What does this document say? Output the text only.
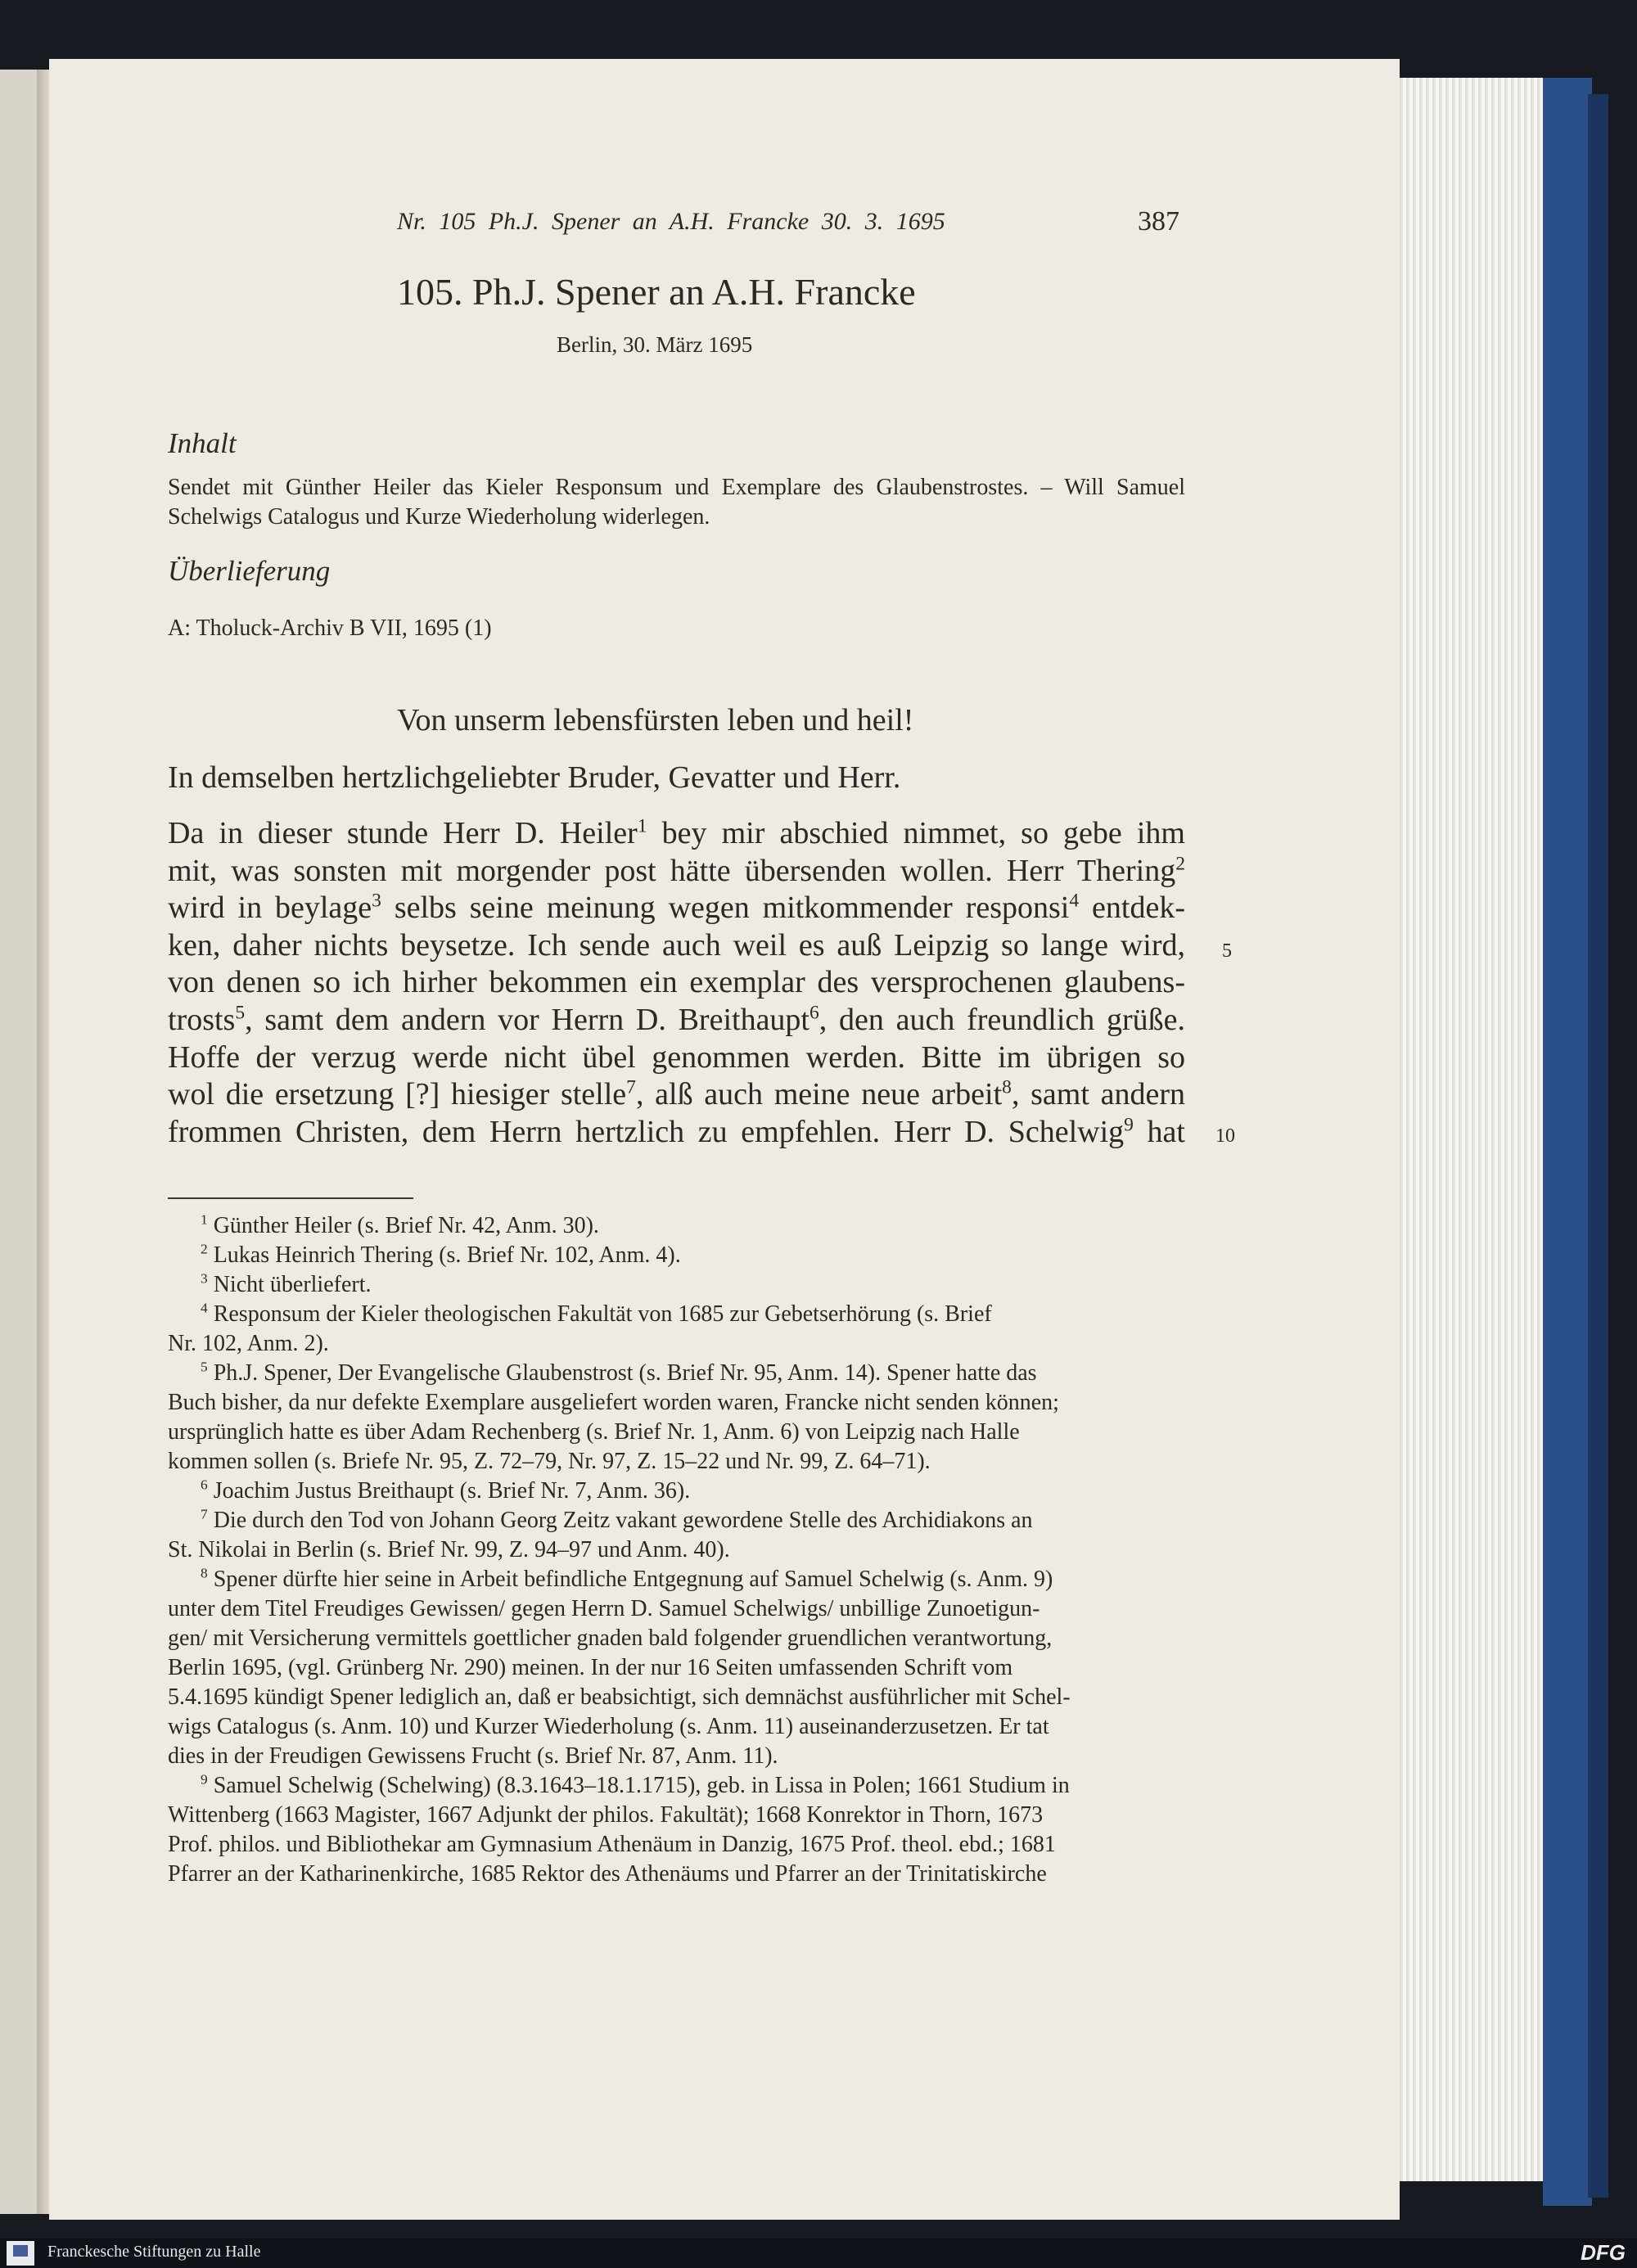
Nr. 105 Ph.J. Spener an A.H. Francke 30. 3. 1695	387
105. Ph.J. Spener an A.H. Francke
Berlin, 30. März 1695
Inhalt

Sendet mit Günther Heiler das Kieler Responsum und Exemplare des Glaubenstrostes. – Will Samuel Schelwigs Catalogus und Kurze Wiederholung widerlegen.

Überlieferung
A: Tholuck-Archiv B VII, 1695 (1)
Von unserm lebensfürsten leben und heil!
In demselben hertzlichgeliebter Bruder, Gevatter und Herr.
Da in dieser stunde Herr D. Heiler$^1$ bey mir abschied nimmet, so gebe ihm
mit, was sonsten mit morgender post hätte übersenden wollen. Herr Thering$^2$
wird in beylage$^3$ selbs seine meinung wegen mitkommender responsi$^4$ entdek-
ken, daher nichts beysetze. Ich sende auch weil es auß Leipzig so lange wird,
von denen so ich hirher bekommen ein exemplar des versprochenen glaubens-
trosts$^5$, samt dem andern vor Herrn D. Breithaupt$^6$, den auch freundlich grüße.
Hoffe der verzug werde nicht übel genommen werden. Bitte im übrigen so
wol die ersetzung [?] hiesiger stelle$^7$, alß auch meine neue arbeit$^8$, samt andern
frommen Christen, dem Herrn hertzlich zu empfehlen. Herr D. Schelwig$^9$ hat
5
10
$^1$ Günther Heiler (s. Brief Nr. 42, Anm. 30).
$^2$ Lukas Heinrich Thering (s. Brief Nr. 102, Anm. 4).
$^3$ Nicht überliefert.
$^4$ Responsum der Kieler theologischen Fakultät von 1685 zur Gebetserhörung (s. Brief
Nr. 102, Anm. 2).
$^5$ Ph.J. Spener, Der Evangelische Glaubenstrost (s. Brief Nr. 95, Anm. 14). Spener hatte das
Buch bisher, da nur defekte Exemplare ausgeliefert worden waren, Francke nicht senden können;
ursprünglich hatte es über Adam Rechenberg (s. Brief Nr. 1, Anm. 6) von Leipzig nach Halle
kommen sollen (s. Briefe Nr. 95, Z. 72–79, Nr. 97, Z. 15–22 und Nr. 99, Z. 64–71).
$^6$ Joachim Justus Breithaupt (s. Brief Nr. 7, Anm. 36).
$^7$ Die durch den Tod von Johann Georg Zeitz vakant gewordene Stelle des Archidiakons an
St. Nikolai in Berlin (s. Brief Nr. 99, Z. 94–97 und Anm. 40).
$^8$ Spener dürfte hier seine in Arbeit befindliche Entgegnung auf Samuel Schelwig (s. Anm. 9)
unter dem Titel Freudiges Gewissen/ gegen Herrn D. Samuel Schelwigs/ unbillige Zunoetigun-
gen/ mit Versicherung vermittels goettlicher gnaden bald folgender gruendlichen verantwortung,
Berlin 1695, (vgl. Grünberg Nr. 290) meinen. In der nur 16 Seiten umfassenden Schrift vom
5.4.1695 kündigt Spener lediglich an, daß er beabsichtigt, sich demnächst ausführlicher mit Schel-
wigs Catalogus (s. Anm. 10) und Kurzer Wiederholung (s. Anm. 11) auseinanderzusetzen. Er tat
dies in der Freudigen Gewissens Frucht (s. Brief Nr. 87, Anm. 11).
$^9$ Samuel Schelwig (Schelwing) (8.3.1643–18.1.1715), geb. in Lissa in Polen; 1661 Studium in
Wittenberg (1663 Magister, 1667 Adjunkt der philos. Fakultät); 1668 Konrektor in Thorn, 1673
Prof. philos. und Bibliothekar am Gymnasium Athenäum in Danzig, 1675 Prof. theol. ebd.; 1681
Pfarrer an der Katharinenkirche, 1685 Rektor des Athenäums und Pfarrer an der Trinitatiskirche
Franckesche Stiftungen zu Halle	DFG
